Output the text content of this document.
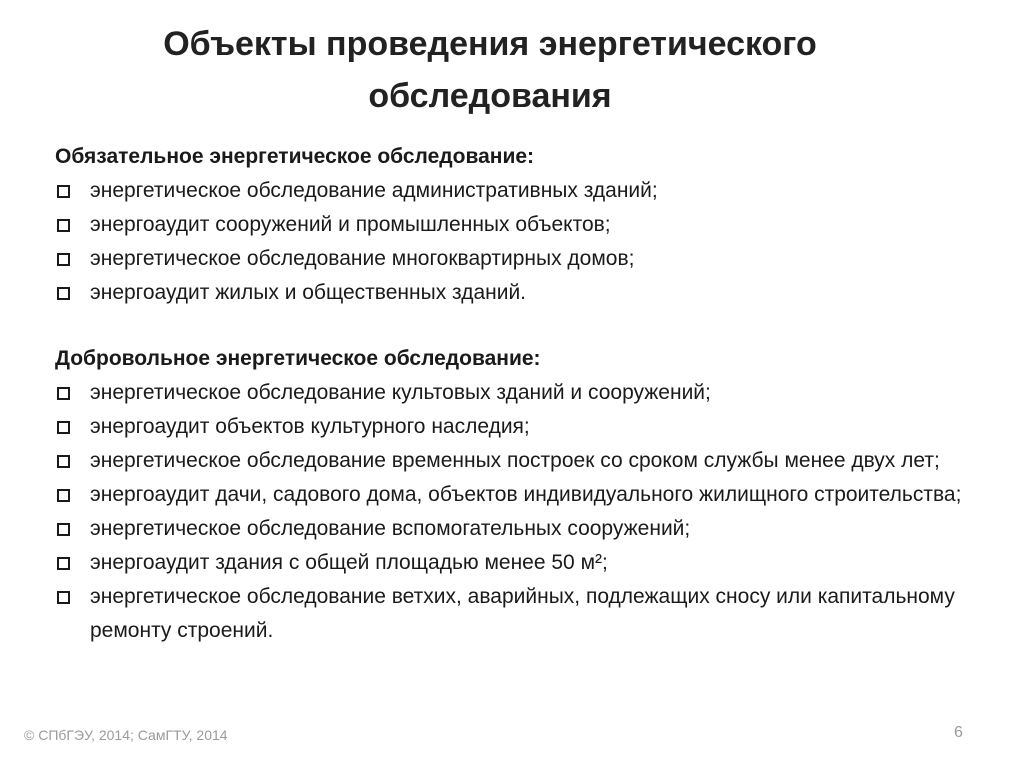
Объекты проведения энергетического обследования

Обязательное энергетическое обследование:

энергетическое обследование административных зданий;
энергоаудит сооружений и промышленных объектов;
энергетическое обследование многоквартирных домов;
энергоаудит жилых и общественных зданий.

Добровольное энергетическое обследование:

энергетическое обследование культовых зданий и сооружений;
энергоаудит объектов культурного наследия;
энергетическое обследование временных построек со сроком службы менее двух лет;
энергоаудит дачи, садового дома, объектов индивидуального жилищного строительства;
энергетическое обследование вспомогательных сооружений;
энергоаудит здания с общей площадью менее 50 м²;
энергетическое обследование ветхих, аварийных, подлежащих сносу или капитальному ремонту строений.
© СПбГЭУ, 2014; СамГТУ, 2014	6
